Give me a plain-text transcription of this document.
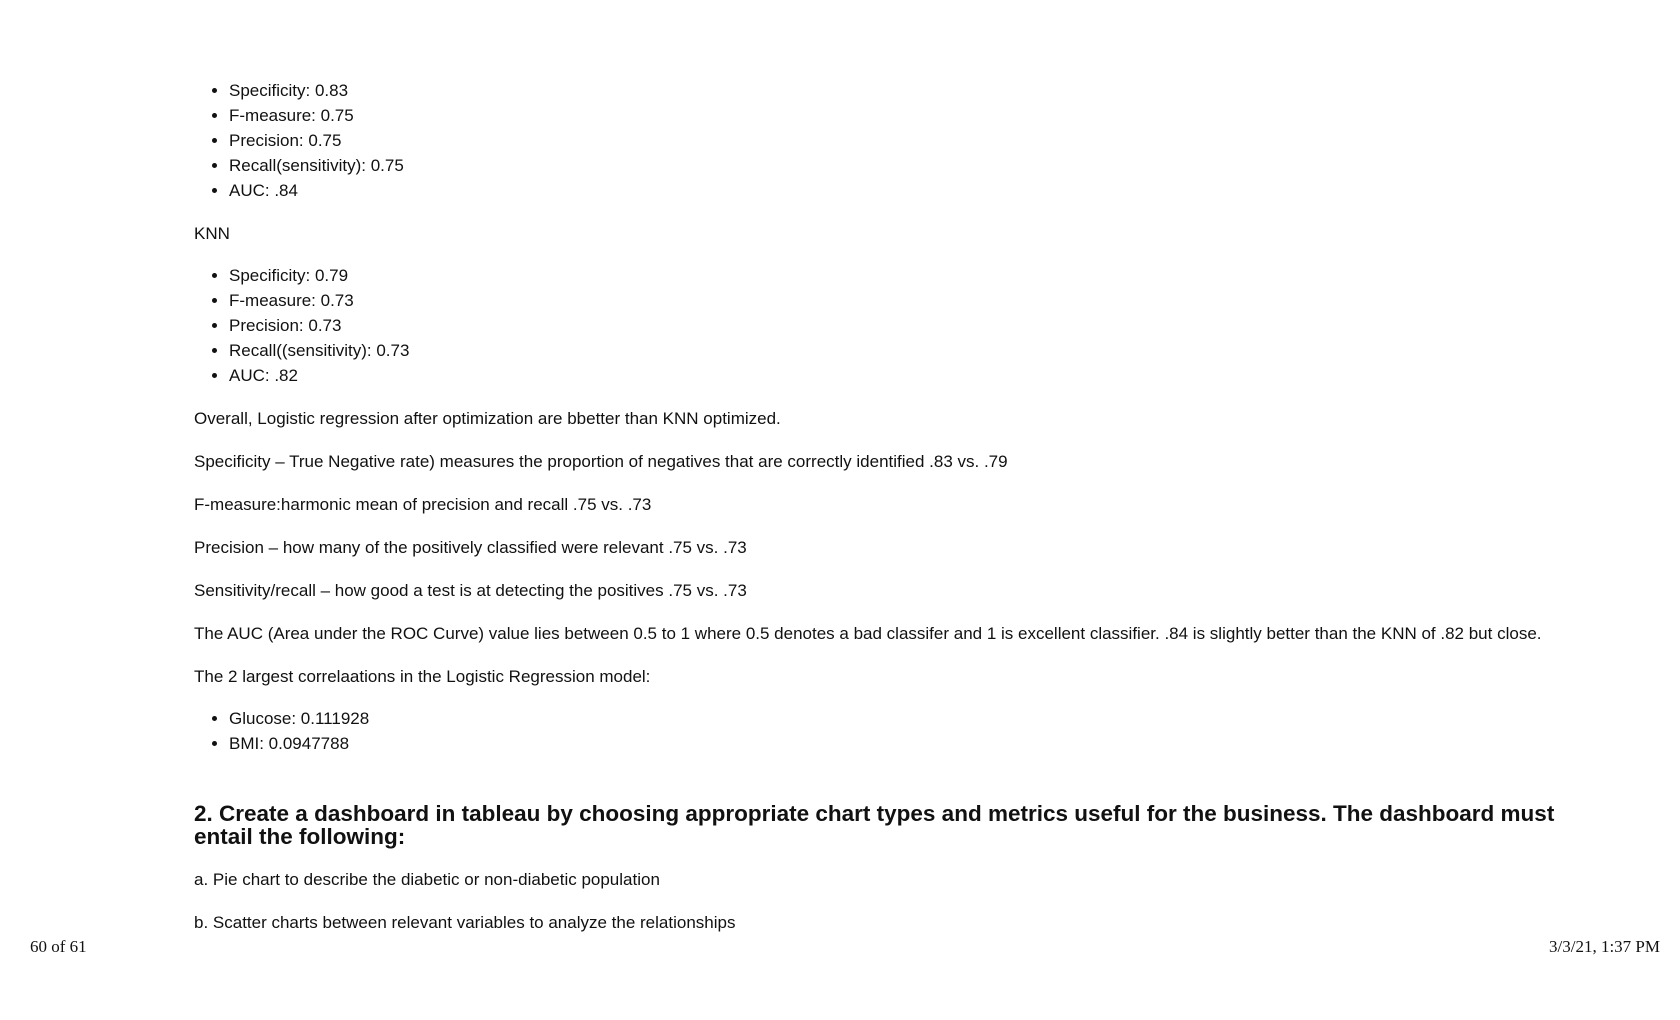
• Specificity: 0.83
• F-measure: 0.75
• Precision: 0.75
• Recall(sensitivity): 0.75
• AUC: .84

KNN

• Specificity: 0.79
• F-measure: 0.73
• Precision: 0.73
• Recall((sensitivity): 0.73
• AUC: .82

Overall, Logistic regression after optimization are bbetter than KNN optimized.

Specificity – True Negative rate) measures the proportion of negatives that are correctly identified .83 vs. .79

F-measure:harmonic mean of precision and recall .75 vs. .73

Precision – how many of the positively classified were relevant .75 vs. .73

Sensitivity/recall – how good a test is at detecting the positives .75 vs. .73

The AUC (Area under the ROC Curve) value lies between 0.5 to 1 where 0.5 denotes a bad classifer and 1 is excellent classifier. .84 is slightly better than the KNN of .82 but close.

The 2 largest correlaations in the Logistic Regression model:

• Glucose: 0.111928
• BMI: 0.0947788
2. Create a dashboard in tableau by choosing appropriate chart types and metrics useful for the business. The dashboard must entail the following:

a. Pie chart to describe the diabetic or non-diabetic population

b. Scatter charts between relevant variables to analyze the relationships

60 of 61	3/3/21, 1:37 PM
